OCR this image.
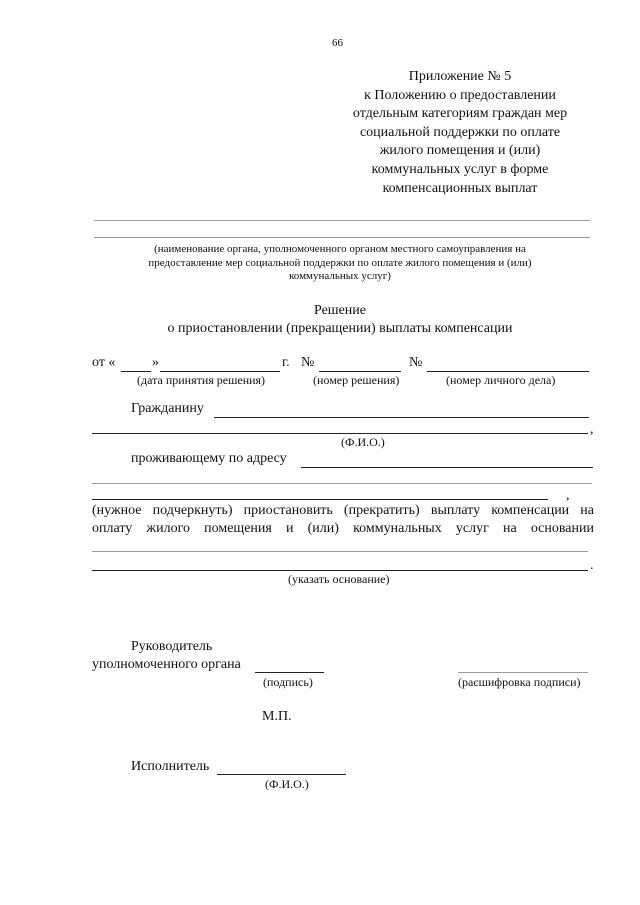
66
Приложение № 5
к Положению о предоставлении
отдельным категориям граждан мер
социальной поддержки по оплате
жилого помещения и (или)
коммунальных услуг в форме
компенсационных выплат
(наименование органа, уполномоченного органом местного самоуправления на
предоставление мер социальной поддержки по оплате жилого помещения и (или)
коммунальных услуг)
Решение
о приостановлении (прекращении) выплаты компенсации
от «	»	г. №	№
(дата принятия решения)	(номер решения)	(номер личного дела)
Гражданину
,
(Ф.И.О.)
проживающему по адресу
,
(нужное подчеркнуть) приостановить (прекратить) выплату компенсации на
оплату жилого помещения и (или) коммунальных услуг на основании
.
(указать основание)
Руководитель
уполномоченного органа
(подпись)	(расшифровка подписи)
М.П.
Исполнитель
(Ф.И.О.)
